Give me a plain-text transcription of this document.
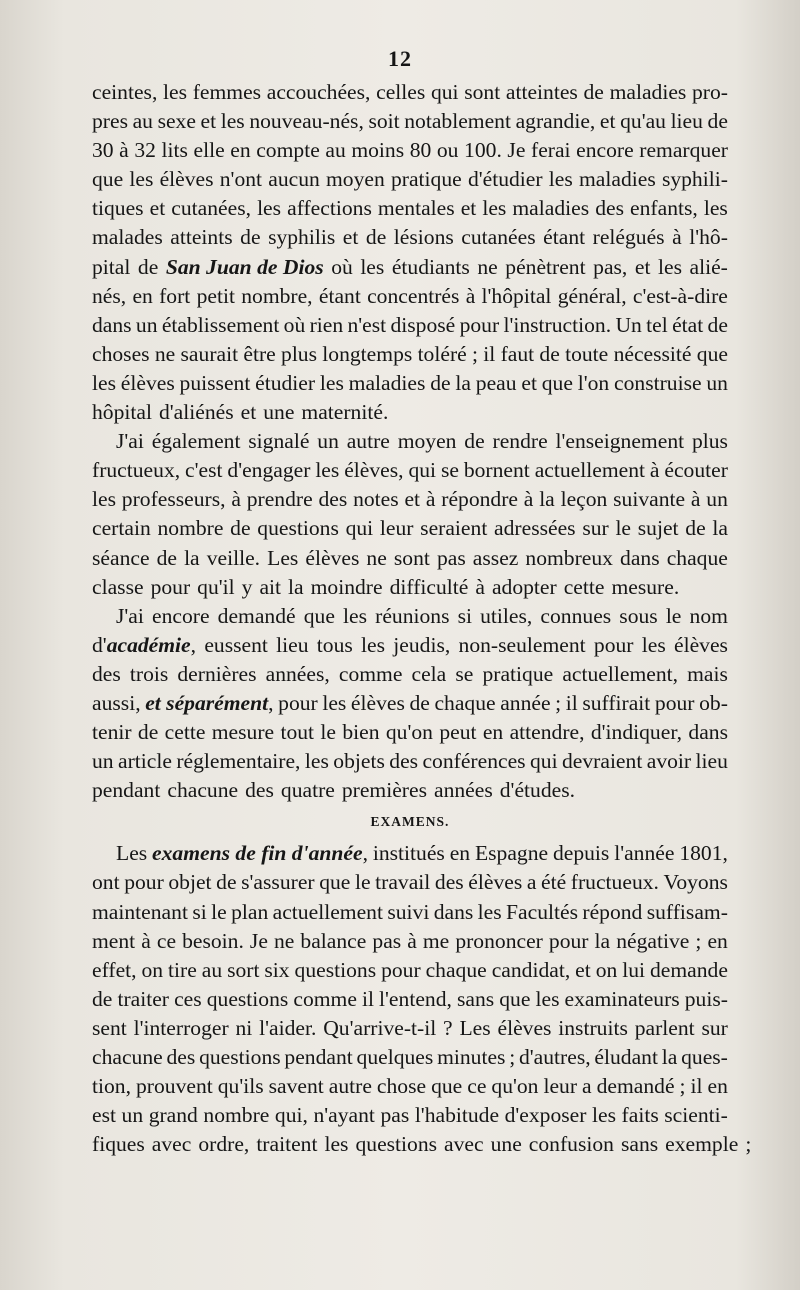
12
ceintes, les femmes accouchées, celles qui sont atteintes de maladies pro-
pres au sexe et les nouveau-nés, soit notablement agrandie, et qu'au lieu de
30 à 32 lits elle en compte au moins 80 ou 100. Je ferai encore remarquer
que les élèves n'ont aucun moyen pratique d'étudier les maladies syphili-
tiques et cutanées, les affections mentales et les maladies des enfants, les
malades atteints de syphilis et de lésions cutanées étant relégués à l'hô-
pital de San Juan de Dios où les étudiants ne pénètrent pas, et les alié-
nés, en fort petit nombre, étant concentrés à l'hôpital général, c'est-à-dire
dans un établissement où rien n'est disposé pour l'instruction. Un tel état de
choses ne saurait être plus longtemps toléré ; il faut de toute nécessité que
les élèves puissent étudier les maladies de la peau et que l'on construise un
hôpital d'aliénés et une maternité.
J'ai également signalé un autre moyen de rendre l'enseignement plus
fructueux, c'est d'engager les élèves, qui se bornent actuellement à écouter
les professeurs, à prendre des notes et à répondre à la leçon suivante à un
certain nombre de questions qui leur seraient adressées sur le sujet de la
séance de la veille. Les élèves ne sont pas assez nombreux dans chaque
classe pour qu'il y ait la moindre difficulté à adopter cette mesure.
J'ai encore demandé que les réunions si utiles, connues sous le nom
d'académie, eussent lieu tous les jeudis, non-seulement pour les élèves
des trois dernières années, comme cela se pratique actuellement, mais
aussi, et séparément, pour les élèves de chaque année ; il suffirait pour ob-
tenir de cette mesure tout le bien qu'on peut en attendre, d'indiquer, dans
un article réglementaire, les objets des conférences qui devraient avoir lieu
pendant chacune des quatre premières années d'études.
EXAMENS.
Les examens de fin d'année, institués en Espagne depuis l'année 1801,
ont pour objet de s'assurer que le travail des élèves a été fructueux. Voyons
maintenant si le plan actuellement suivi dans les Facultés répond suffisam-
ment à ce besoin. Je ne balance pas à me prononcer pour la négative ; en
effet, on tire au sort six questions pour chaque candidat, et on lui demande
de traiter ces questions comme il l'entend, sans que les examinateurs puis-
sent l'interroger ni l'aider. Qu'arrive-t-il ? Les élèves instruits parlent sur
chacune des questions pendant quelques minutes ; d'autres, éludant la ques-
tion, prouvent qu'ils savent autre chose que ce qu'on leur a demandé ; il en
est un grand nombre qui, n'ayant pas l'habitude d'exposer les faits scienti-
fiques avec ordre, traitent les questions avec une confusion sans exemple ;
